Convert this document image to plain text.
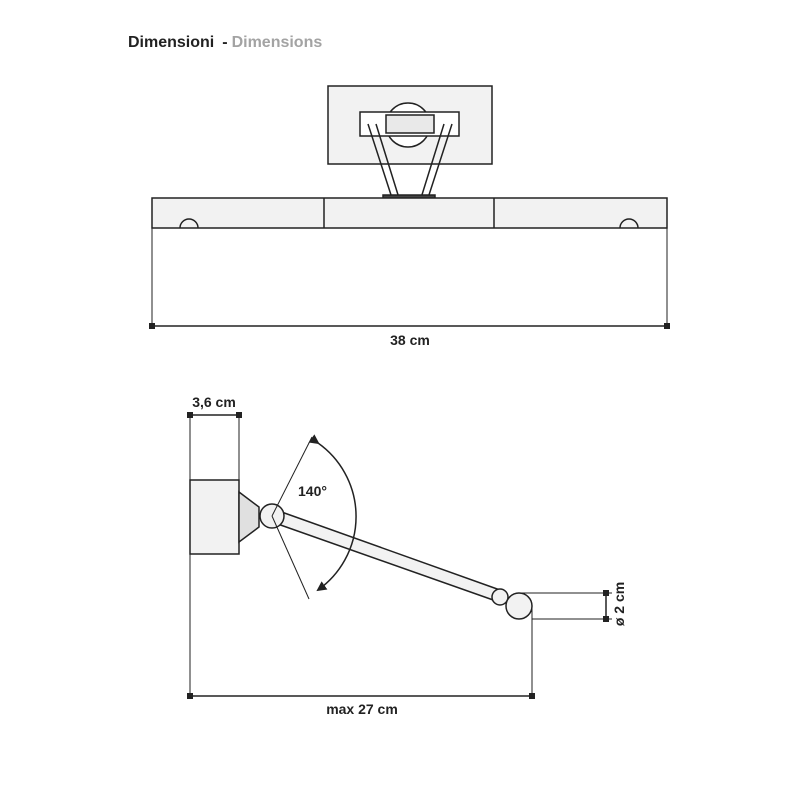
Dimensioni - Dimensions
38 cm
140°
3,6 cm
ø 2 cm
max 27 cm
